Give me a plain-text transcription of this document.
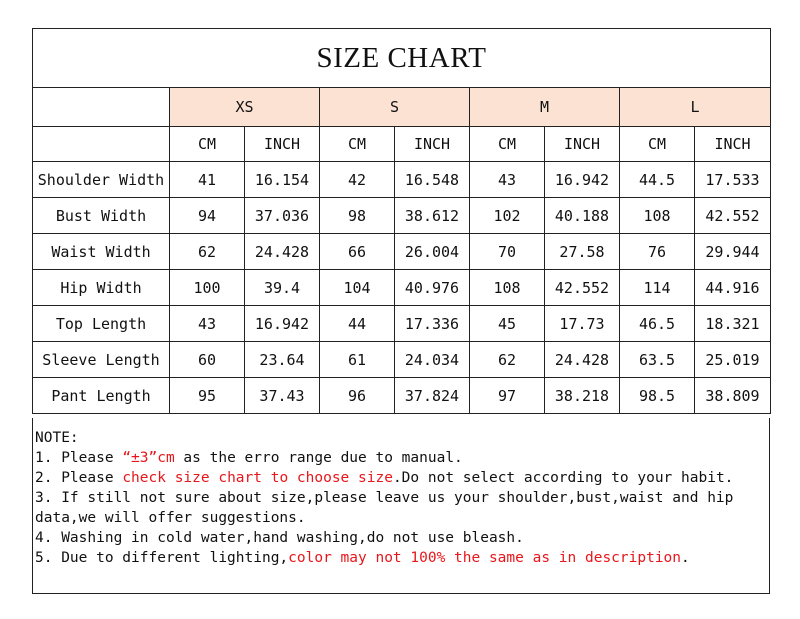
SIZE CHART								
	XS		S		M		L	
	CM	INCH	CM	INCH	CM	INCH	CM	INCH
Shoulder Width	41	16.154	42	16.548	43	16.942	44.5	17.533
Bust Width	94	37.036	98	38.612	102	40.188	108	42.552
Waist Width	62	24.428	66	26.004	70	27.58	76	29.944
Hip Width	100	39.4	104	40.976	108	42.552	114	44.916
Top Length	43	16.942	44	17.336	45	17.73	46.5	18.321
Sleeve Length	60	23.64	61	24.034	62	24.428	63.5	25.019
Pant Length	95	37.43	96	37.824	97	38.218	98.5	38.809

NOTE:

1. Please “±3”cm as the erro range due to manual.

2. Please check size chart to choose size.Do not select according to your habit.

3. If still not sure about size,please leave us your shoulder,bust,waist and hip data,we will offer suggestions.

4. Washing in cold water,hand washing,do not use bleash.

5. Due to different lighting,color may not 100% the same as in description.
